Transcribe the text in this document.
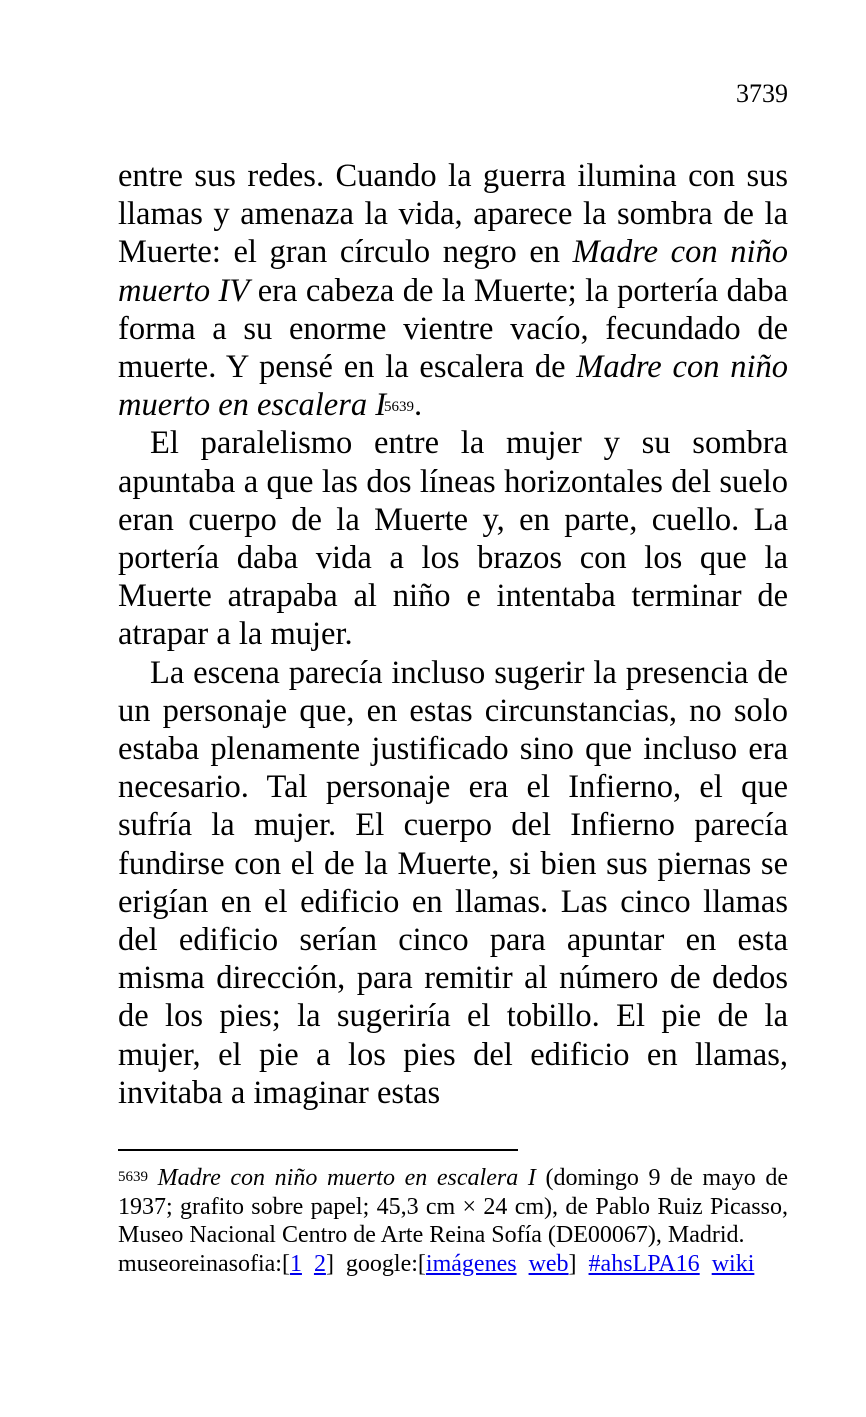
3739

entre sus redes. Cuando la guerra ilumina con sus llamas y amenaza la vida, aparece la sombra de la Muerte: el gran círculo negro en Madre con niño muerto IV era cabeza de la Muerte; la portería daba forma a su enorme vientre vacío, fecundado de muerte. Y pensé en la escalera de Madre con niño muerto en escalera I$^{5639}$.

El paralelismo entre la mujer y su sombra apuntaba a que las dos líneas horizontales del suelo eran cuerpo de la Muerte y, en parte, cuello. La portería daba vida a los brazos con los que la Muerte atrapaba al niño e intentaba terminar de atrapar a la mujer.

La escena parecía incluso sugerir la presencia de un personaje que, en estas circunstancias, no solo estaba plenamente justificado sino que incluso era necesario. Tal personaje era el Infierno, el que sufría la mujer. El cuerpo del Infierno parecía fundirse con el de la Muerte, si bien sus piernas se erigían en el edificio en llamas. Las cinco llamas del edificio serían cinco para apuntar en esta misma dirección, para remitir al número de dedos de los pies; la sugeriría el tobillo. El pie de la mujer, el pie a los pies del edificio en llamas, invitaba a imaginar estas

$^{5639}$ Madre con niño muerto en escalera I (domingo 9 de mayo de 1937; grafito sobre papel; 45,3 cm × 24 cm), de Pablo Ruiz Picasso, Museo Nacional Centro de Arte Reina Sofía (DE00067), Madrid.

museoreinasofia:[1 2]  google:[imágenes web] #ahsLPA16 wiki
